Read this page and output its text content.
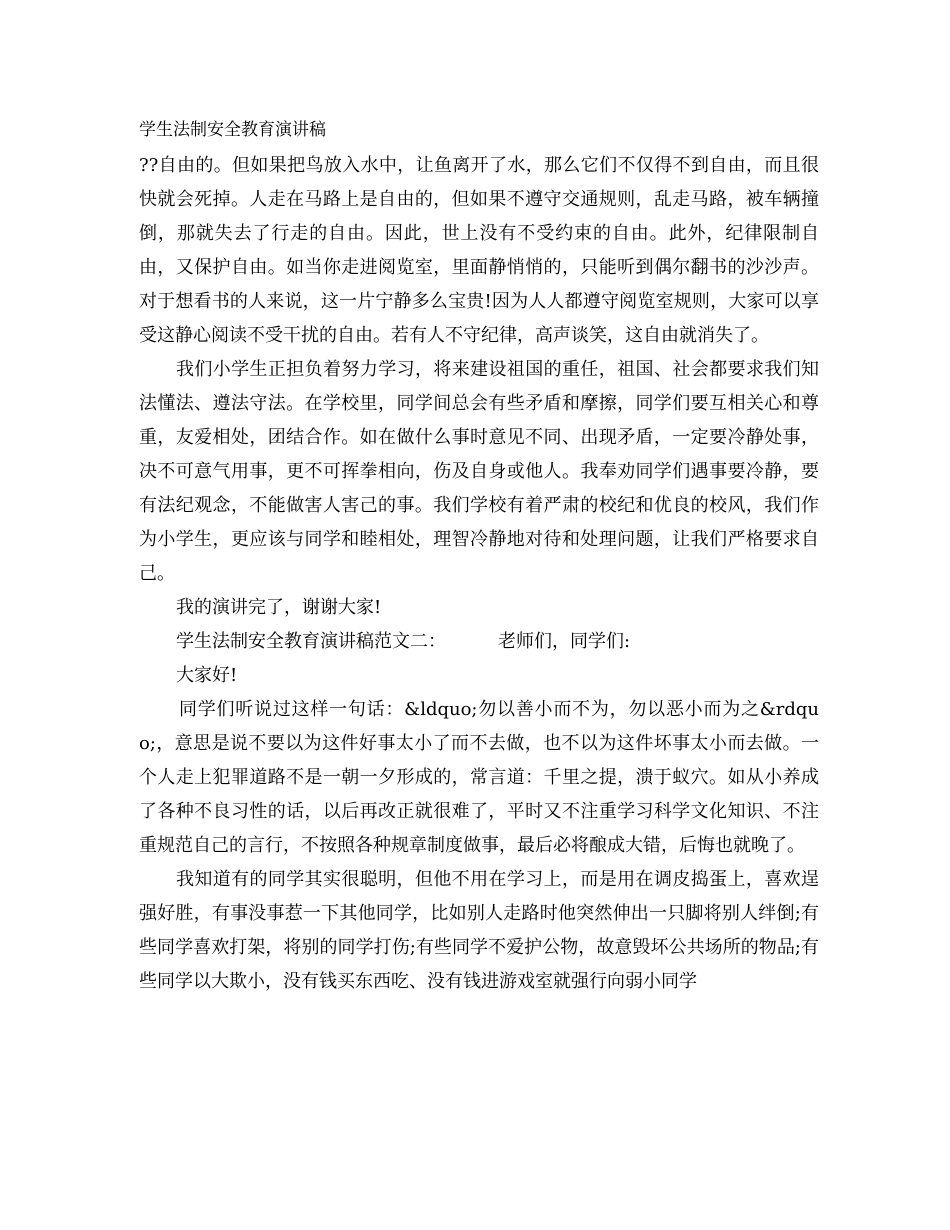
学生法制安全教育演讲稿

??自由的。但如果把鸟放入水中，让鱼离开了水，那么它们不仅得不到自由，而且很快就会死掉。人走在马路上是自由的，但如果不遵守交通规则，乱走马路，被车辆撞倒，那就失去了行走的自由。因此，世上没有不受约束的自由。此外，纪律限制自由，又保护自由。如当你走进阅览室，里面静悄悄的，只能听到偶尔翻书的沙沙声。对于想看书的人来说，这一片宁静多么宝贵!因为人人都遵守阅览室规则，大家可以享受这静心阅读不受干扰的自由。若有人不守纪律，高声谈笑，这自由就消失了。

我们小学生正担负着努力学习，将来建设祖国的重任，祖国、社会都要求我们知法懂法、遵法守法。在学校里，同学间总会有些矛盾和摩擦，同学们要互相关心和尊重，友爱相处，团结合作。如在做什么事时意见不同、出现矛盾，一定要冷静处事，决不可意气用事，更不可挥拳相向，伤及自身或他人。我奉劝同学们遇事要冷静，要有法纪观念，不能做害人害己的事。我们学校有着严肃的校纪和优良的校风，我们作为小学生，更应该与同学和睦相处，理智冷静地对待和处理问题，让我们严格要求自己。

我的演讲完了，谢谢大家!

学生法制安全教育演讲稿范文二：	老师们，同学们:

大家好!

同学们听说过这样一句话：&ldquo;勿以善小而不为，勿以恶小而为之&rdquo;，意思是说不要以为这件好事太小了而不去做，也不以为这件坏事太小而去做。一个人走上犯罪道路不是一朝一夕形成的，常言道：千里之提，溃于蚁穴。如从小养成了各种不良习性的话，以后再改正就很难了，平时又不注重学习科学文化知识、不注重规范自己的言行，不按照各种规章制度做事，最后必将酿成大错，后悔也就晚了。

我知道有的同学其实很聪明，但他不用在学习上，而是用在调皮捣蛋上，喜欢逞强好胜，有事没事惹一下其他同学，比如别人走路时他突然伸出一只脚将别人绊倒;有些同学喜欢打架，将别的同学打伤;有些同学不爱护公物，故意毁坏公共场所的物品;有些同学以大欺小，没有钱买东西吃、没有钱进游戏室就强行向弱小同学
